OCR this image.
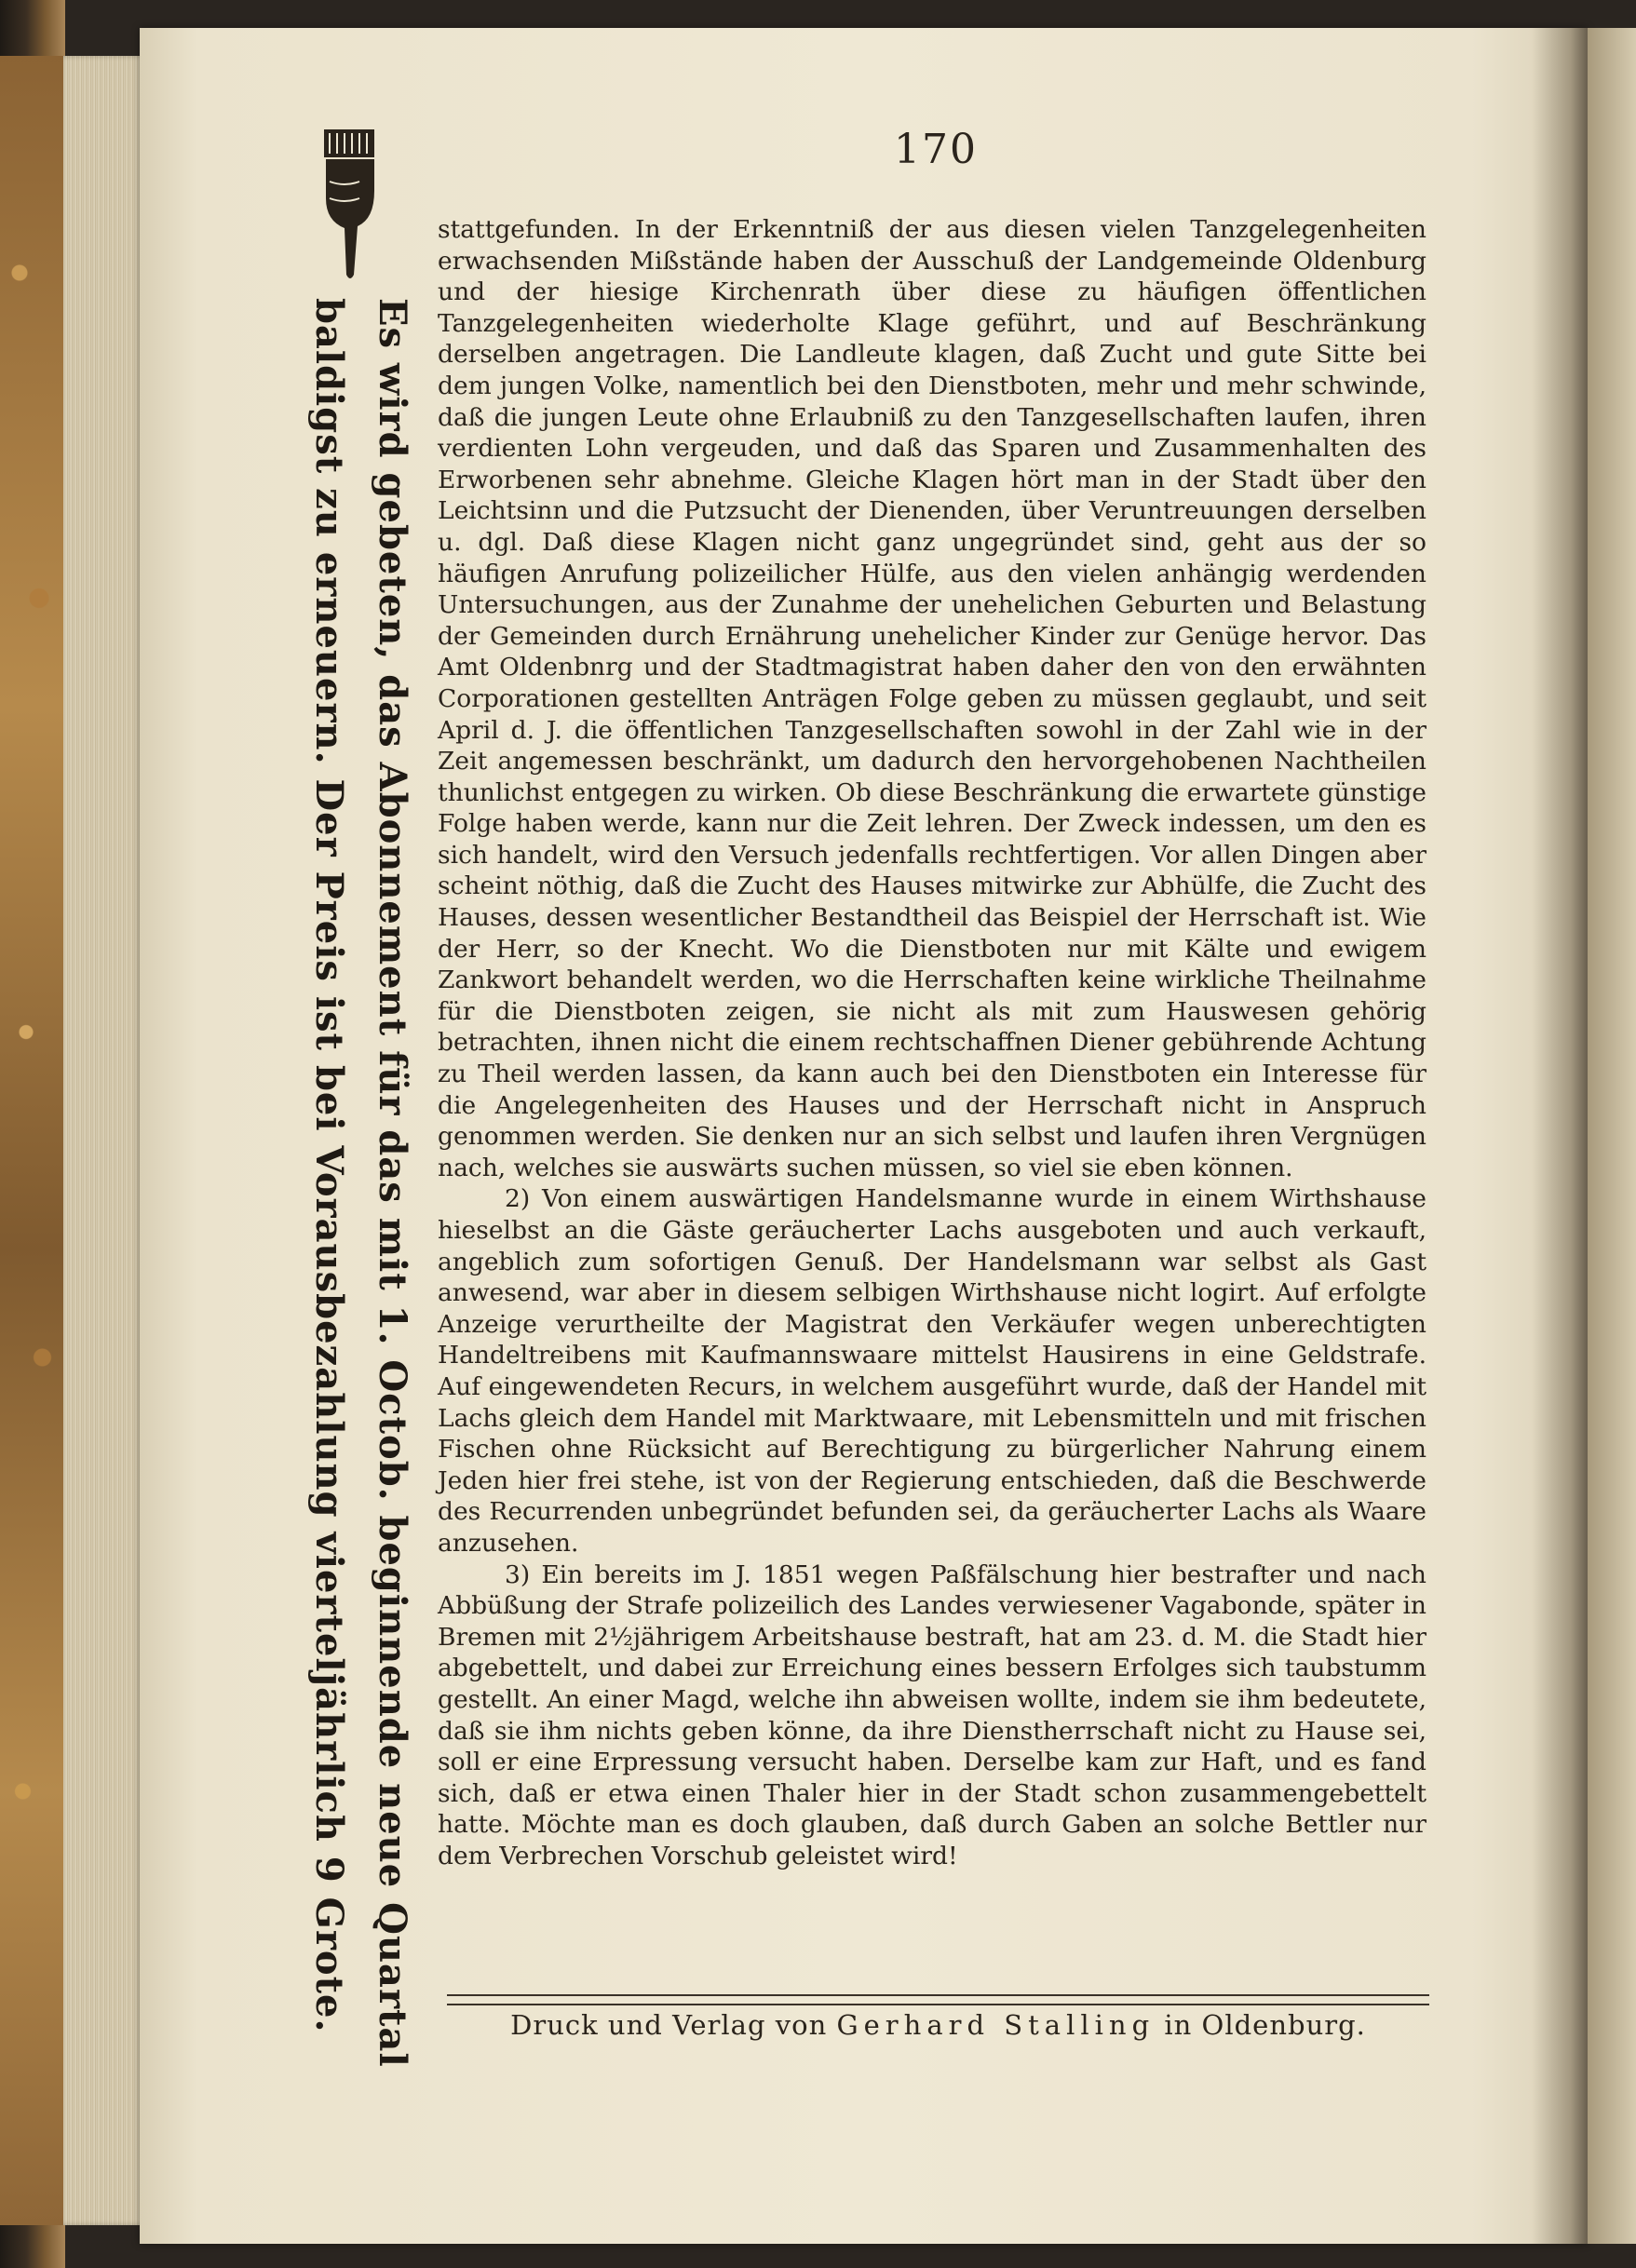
170
Es wird gebeten, das Abonnement für das mit 1. Octob. beginnende neue Quartal
baldigst zu erneuern. Der Preis ist bei Vorausbezahlung vierteljährlich 9 Grote.

stattgefunden. In der Erkenntniß der aus diesen vielen Tanzgelegenheiten erwachsenden Mißstände haben der Ausschuß der Landgemeinde Oldenburg und der hiesige Kirchenrath über diese zu häufigen öffentlichen Tanzgelegenheiten wiederholte Klage geführt, und auf Beschränkung derselben angetragen. Die Landleute klagen, daß Zucht und gute Sitte bei dem jungen Volke, namentlich bei den Dienstboten, mehr und mehr schwinde, daß die jungen Leute ohne Erlaubniß zu den Tanzgesellschaften laufen, ihren verdienten Lohn vergeuden, und daß das Sparen und Zusammenhalten des Erworbenen sehr abnehme. Gleiche Klagen hört man in der Stadt über den Leichtsinn und die Putzsucht der Dienenden, über Veruntreuungen derselben u. dgl. Daß diese Klagen nicht ganz ungegründet sind, geht aus der so häufigen Anrufung polizeilicher Hülfe, aus den vielen anhängig werdenden Untersuchungen, aus der Zunahme der unehelichen Geburten und Belastung der Gemeinden durch Ernährung unehelicher Kinder zur Genüge hervor. Das Amt Oldenbnrg und der Stadtmagistrat haben daher den von den erwähnten Corporationen gestellten Anträgen Folge geben zu müssen geglaubt, und seit April d. J. die öffentlichen Tanzgesellschaften sowohl in der Zahl wie in der Zeit angemessen beschränkt, um dadurch den hervorgehobenen Nachtheilen thunlichst entgegen zu wirken. Ob diese Beschränkung die erwartete günstige Folge haben werde, kann nur die Zeit lehren. Der Zweck indessen, um den es sich handelt, wird den Versuch jedenfalls rechtfertigen. Vor allen Dingen aber scheint nöthig, daß die Zucht des Hauses mitwirke zur Abhülfe, die Zucht des Hauses, dessen wesentlicher Bestandtheil das Beispiel der Herrschaft ist. Wie der Herr, so der Knecht. Wo die Dienstboten nur mit Kälte und ewigem Zankwort behandelt werden, wo die Herrschaften keine wirkliche Theilnahme für die Dienstboten zeigen, sie nicht als mit zum Hauswesen gehörig betrachten, ihnen nicht die einem rechtschaffnen Diener gebührende Achtung zu Theil werden lassen, da kann auch bei den Dienstboten ein Interesse für die Angelegenheiten des Hauses und der Herrschaft nicht in Anspruch genommen werden. Sie denken nur an sich selbst und laufen ihren Vergnügen nach, welches sie auswärts suchen müssen, so viel sie eben können.

2) Von einem auswärtigen Handelsmanne wurde in einem Wirthshause hieselbst an die Gäste geräucherter Lachs ausgeboten und auch verkauft, angeblich zum sofortigen Genuß. Der Handelsmann war selbst als Gast anwesend, war aber in diesem selbigen Wirthshause nicht logirt. Auf erfolgte Anzeige verurtheilte der Magistrat den Verkäufer wegen unberechtigten Handeltreibens mit Kaufmannswaare mittelst Hausirens in eine Geldstrafe. Auf eingewendeten Recurs, in welchem ausgeführt wurde, daß der Handel mit Lachs gleich dem Handel mit Marktwaare, mit Lebensmitteln und mit frischen Fischen ohne Rücksicht auf Berechtigung zu bürgerlicher Nahrung einem Jeden hier frei stehe, ist von der Regierung entschieden, daß die Beschwerde des Recurrenden unbegründet befunden sei, da geräucherter Lachs als Waare anzusehen.

3) Ein bereits im J. 1851 wegen Paßfälschung hier bestrafter und nach Abbüßung der Strafe polizeilich des Landes verwiesener Vagabonde, später in Bremen mit 2½jährigem Arbeitshause bestraft, hat am 23. d. M. die Stadt hier abgebettelt, und dabei zur Erreichung eines bessern Erfolges sich taubstumm gestellt. An einer Magd, welche ihn abweisen wollte, indem sie ihm bedeutete, daß sie ihm nichts geben könne, da ihre Dienstherrschaft nicht zu Hause sei, soll er eine Erpressung versucht haben. Derselbe kam zur Haft, und es fand sich, daß er etwa einen Thaler hier in der Stadt schon zusammengebettelt hatte. Möchte man es doch glauben, daß durch Gaben an solche Bettler nur dem Verbrechen Vorschub geleistet wird!

Druck und Verlag von Gerhard Stalling in Oldenburg.
